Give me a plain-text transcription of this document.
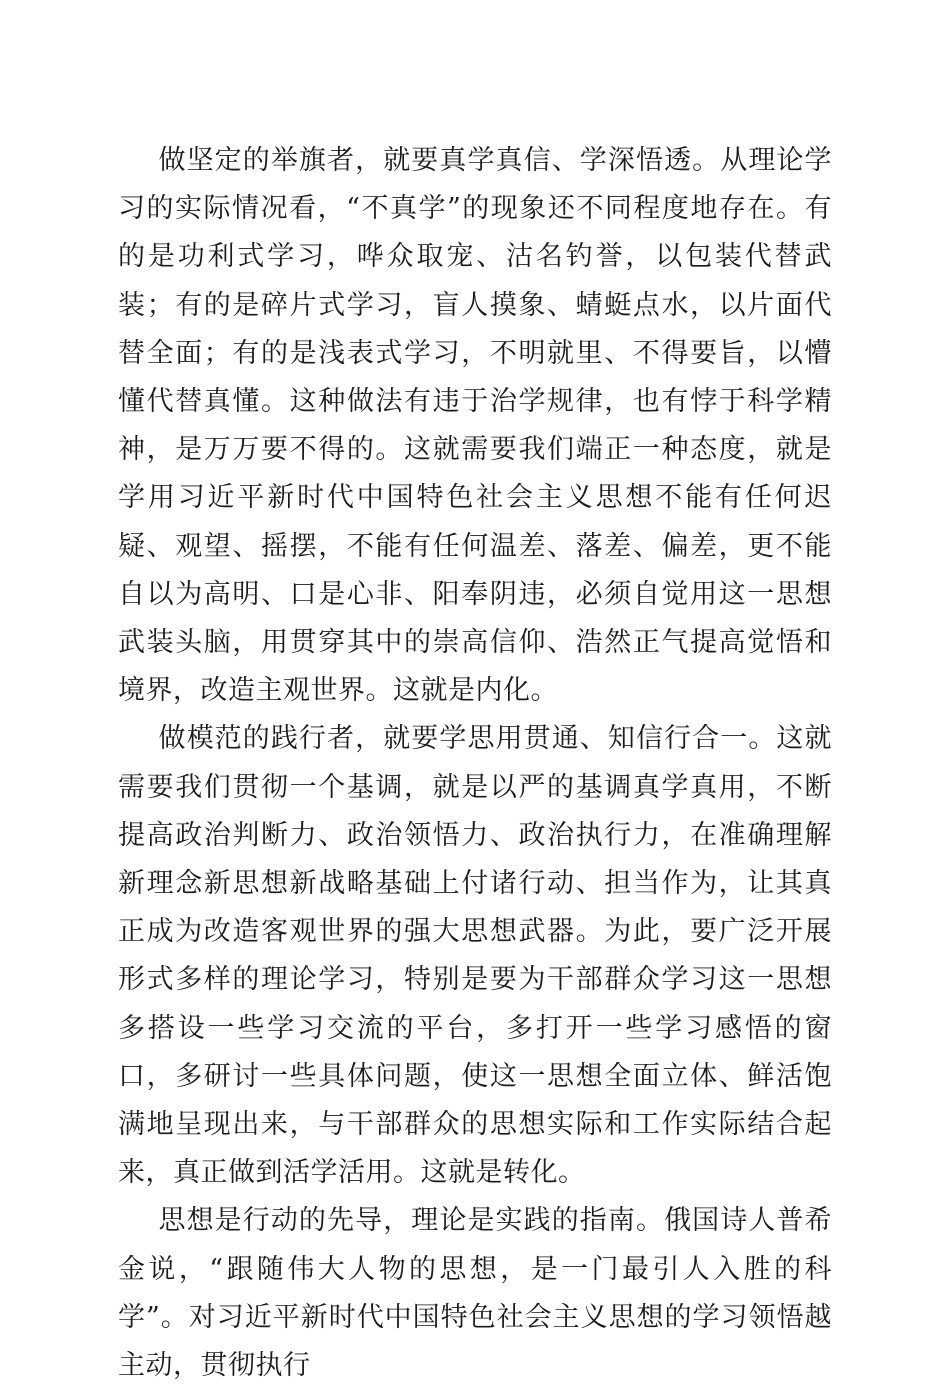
做坚定的举旗者，就要真学真信、学深悟透。从理论学习的实际情况看，“不真学”的现象还不同程度地存在。有的是功利式学习，哗众取宠、沽名钓誉，以包装代替武装；有的是碎片式学习，盲人摸象、蜻蜓点水，以片面代替全面；有的是浅表式学习，不明就里、不得要旨，以懵懂代替真懂。这种做法有违于治学规律，也有悖于科学精神，是万万要不得的。这就需要我们端正一种态度，就是学用习近平新时代中国特色社会主义思想不能有任何迟疑、观望、摇摆，不能有任何温差、落差、偏差，更不能自以为高明、口是心非、阳奉阴违，必须自觉用这一思想武装头脑，用贯穿其中的崇高信仰、浩然正气提高觉悟和境界，改造主观世界。这就是内化。

做模范的践行者，就要学思用贯通、知信行合一。这就需要我们贯彻一个基调，就是以严的基调真学真用，不断提高政治判断力、政治领悟力、政治执行力，在准确理解新理念新思想新战略基础上付诸行动、担当作为，让其真正成为改造客观世界的强大思想武器。为此，要广泛开展形式多样的理论学习，特别是要为干部群众学习这一思想多搭设一些学习交流的平台，多打开一些学习感悟的窗口，多研讨一些具体问题，使这一思想全面立体、鲜活饱满地呈现出来，与干部群众的思想实际和工作实际结合起来，真正做到活学活用。这就是转化。

思想是行动的先导，理论是实践的指南。俄国诗人普希金说，“跟随伟大人物的思想，是一门最引人入胜的科学”。对习近平新时代中国特色社会主义思想的学习领悟越主动，贯彻执行
